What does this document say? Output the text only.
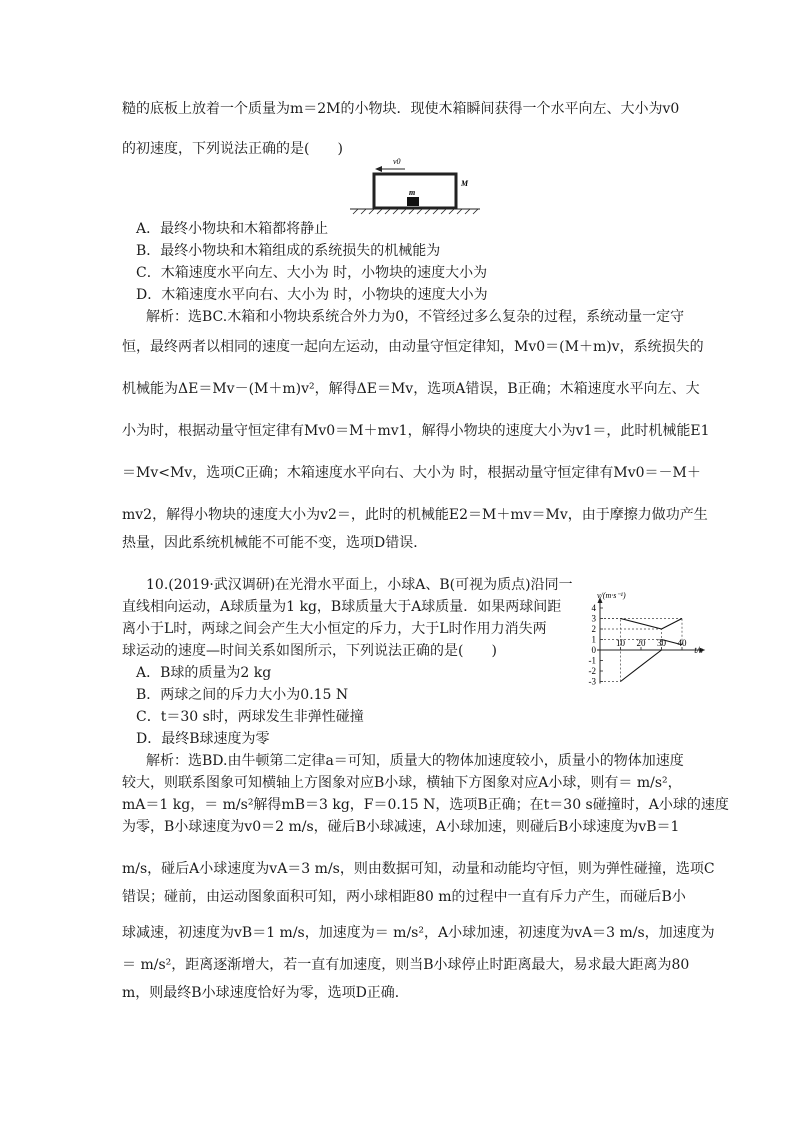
糙的底板上放着一个质量为m＝2M的小物块．现使木箱瞬间获得一个水平向左、大小为v0
的初速度，下列说法正确的是(　　)
A．最终小物块和木箱都将静止
B．最终小物块和木箱组成的系统损失的机械能为
C．木箱速度水平向左、大小为 时，小物块的速度大小为
D．木箱速度水平向右、大小为 时，小物块的速度大小为
解析：选BC.木箱和小物块系统合外力为0，不管经过多么复杂的过程，系统动量一定守
恒，最终两者以相同的速度一起向左运动，由动量守恒定律知，Mv0＝(M＋m)v，系统损失的
机械能为ΔE＝Mv－(M＋m)v²，解得ΔE＝Mv，选项A错误，B正确；木箱速度水平向左、大
小为时，根据动量守恒定律有Mv0＝M＋mv1，解得小物块的速度大小为v1＝，此时机械能E1
＝Mv<Mv，选项C正确；木箱速度水平向右、大小为 时，根据动量守恒定律有Mv0＝－M＋
mv2，解得小物块的速度大小为v2＝，此时的机械能E2＝M＋mv＝Mv，由于摩擦力做功产生
热量，因此系统机械能不可能不变，选项D错误．
10.(2019·武汉调研)在光滑水平面上，小球A、B(可视为质点)沿同一
直线相向运动，A球质量为1 kg，B球质量大于A球质量．如果两球间距
离小于L时，两球之间会产生大小恒定的斥力，大于L时作用力消失两
球运动的速度—时间关系如图所示，下列说法正确的是(　　)
A．B球的质量为2 kg
B．两球之间的斥力大小为0.15 N
C．t＝30 s时，两球发生非弹性碰撞
D．最终B球速度为零
解析：选BD.由牛顿第二定律a＝可知，质量大的物体加速度较小，质量小的物体加速度
较大，则联系图象可知横轴上方图象对应B小球，横轴下方图象对应A小球，则有＝ m/s²，
mA＝1 kg，＝ m/s²解得mB＝3 kg，F＝0.15 N，选项B正确；在t＝30 s碰撞时，A小球的速度
为零，B小球速度为v0＝2 m/s，碰后B小球减速，A小球加速，则碰后B小球速度为vB＝1
m/s，碰后A小球速度为vA＝3 m/s，则由数据可知，动量和动能均守恒，则为弹性碰撞，选项C
错误；碰前，由运动图象面积可知，两小球相距80 m的过程中一直有斥力产生，而碰后B小
球减速，初速度为vB＝1 m/s，加速度为＝ m/s²，A小球加速，初速度为vA＝3 m/s，加速度为
＝ m/s²，距离逐渐增大，若一直有加速度，则当B小球停止时距离最大，易求最大距离为80
m，则最终B小球速度恰好为零，选项D正确．
v0
m
M
v/(m·s⁻¹)
t/s
4
3
2
1
0
-1
-2
-3
10 20 30 40
